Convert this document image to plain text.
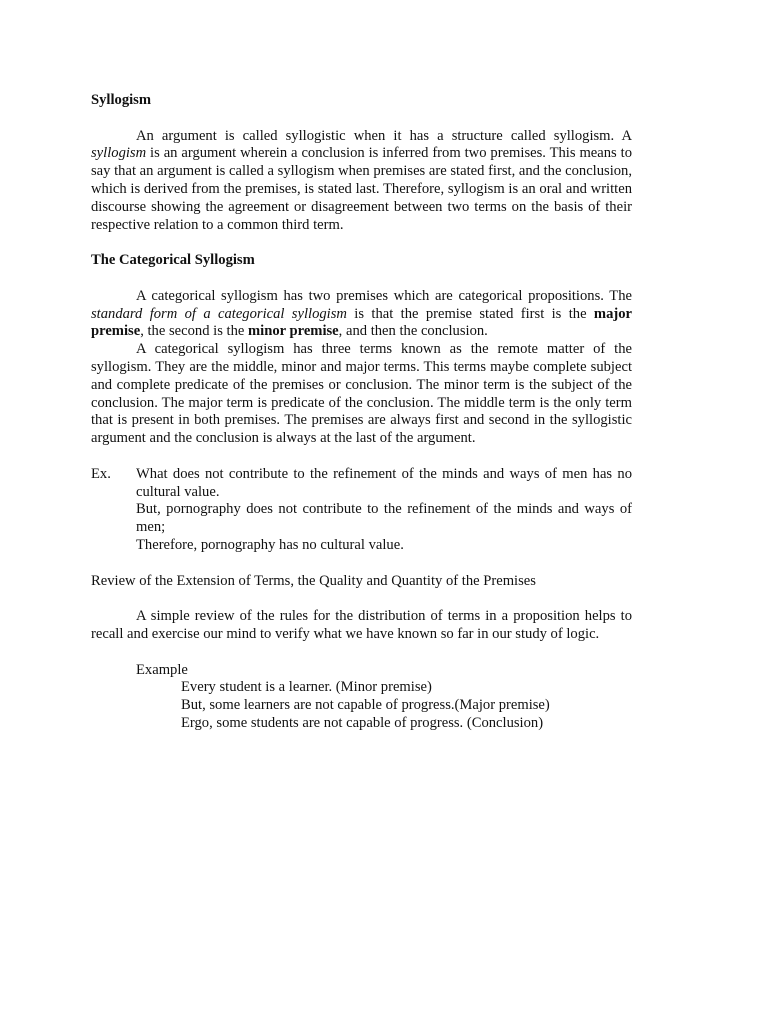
Syllogism

An argument is called syllogistic when it has a structure called syllogism. A syllogism is an argument wherein a conclusion is inferred from two premises. This means to say that an argument is called a syllogism when premises are stated first, and the conclusion, which is derived from the premises, is stated last. Therefore, syllogism is an oral and written discourse showing the agreement or disagreement between two terms on the basis of their respective relation to a common third term.

The Categorical Syllogism

A categorical syllogism has two premises which are categorical propositions. The standard form of a categorical syllogism is that the premise stated first is the major premise, the second is the minor premise, and then the conclusion.

A categorical syllogism has three terms known as the remote matter of the syllogism. They are the middle, minor and major terms. This terms maybe complete subject and complete predicate of the premises or conclusion. The minor term is the subject of the conclusion. The major term is predicate of the conclusion. The middle term is the only term that is present in both premises. The premises are always first and second in the syllogistic argument and the conclusion is always at the last of the argument.

Ex.	What does not contribute to the refinement of the minds and ways of men has no cultural value.

But, pornography does not contribute to the refinement of the minds and ways of men;

Therefore, pornography has no cultural value.

Review of the Extension of Terms, the Quality and Quantity of the Premises

A simple review of the rules for the distribution of terms in a proposition helps to recall and exercise our mind to verify what we have known so far in our study of logic.

Example

Every student is a learner. (Minor premise)

But, some learners are not capable of progress.(Major premise)

Ergo, some students are not capable of progress. (Conclusion)
